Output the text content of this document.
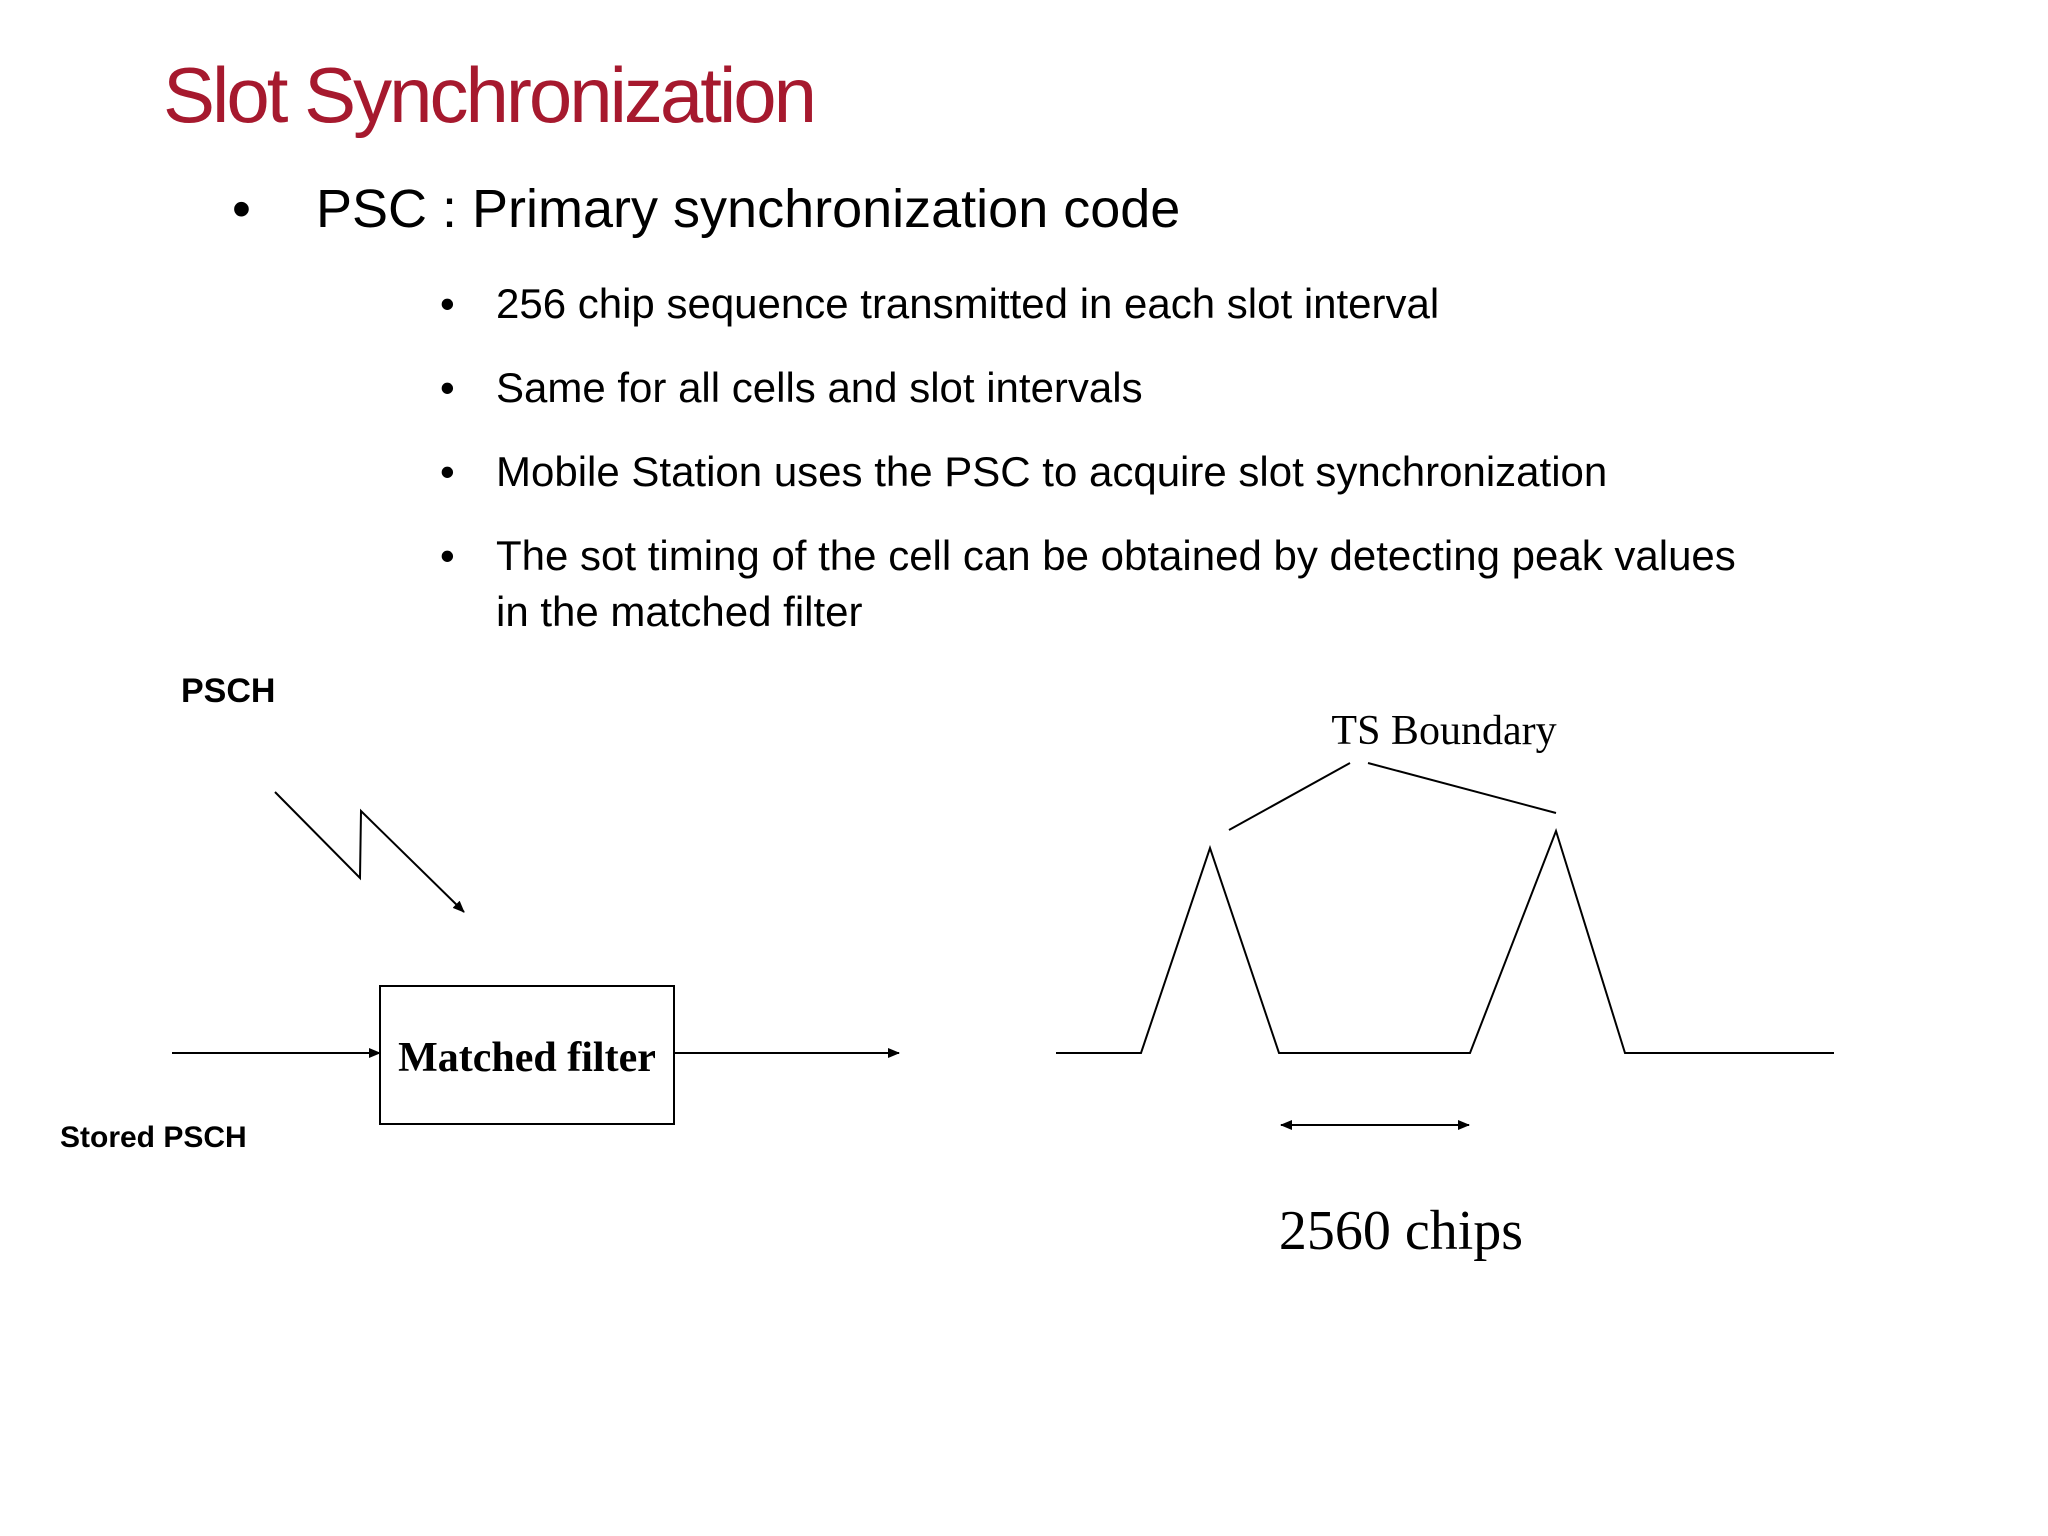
Slot Synchronization
• PSC : Primary synchronization code
• 256 chip sequence transmitted in each slot interval
• Same for all cells and slot intervals
• Mobile Station uses the PSC to acquire slot synchronization
• The sot timing of the cell can be obtained by detecting peak values in the matched filter
PSCH
Matched filter
Stored PSCH
TS Boundary
2560 chips
